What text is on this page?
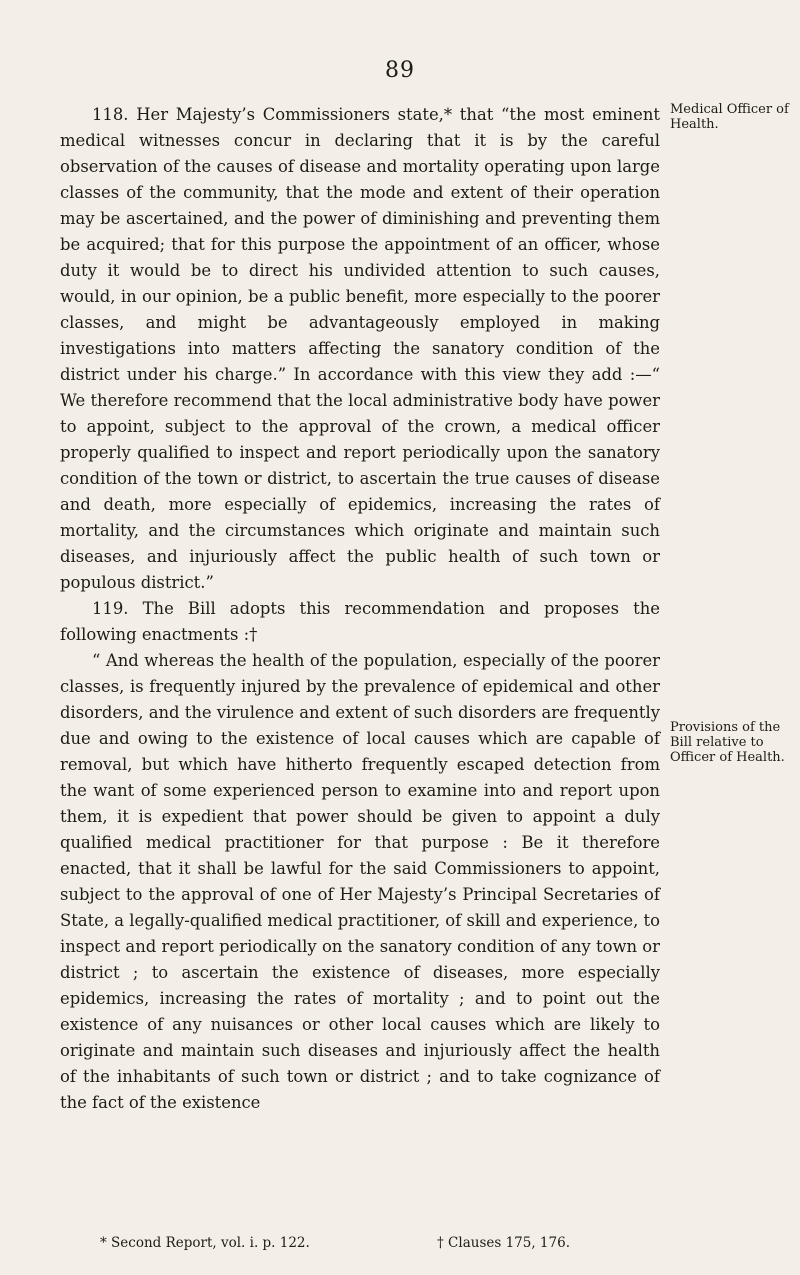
89

118. Her Majesty’s Commissioners state,* that “the most eminent medical witnesses concur in declaring that it is by the careful observation of the causes of disease and mortality operating upon large classes of the community, that the mode and extent of their operation may be ascertained, and the power of diminishing and preventing them be acquired; that for this purpose the appointment of an officer, whose duty it would be to direct his undivided attention to such causes, would, in our opinion, be a public benefit, more especially to the poorer classes, and might be advantageously employed in making investigations into matters affecting the sanatory condition of the district under his charge.” In accordance with this view they add :—“ We therefore recommend that the local administrative body have power to appoint, subject to the approval of the crown, a medical officer properly qualified to inspect and report periodically upon the sanatory condition of the town or district, to ascertain the true causes of disease and death, more especially of epidemics, increasing the rates of mortality, and the circumstances which originate and maintain such diseases, and injuriously affect the public health of such town or populous district.”

119. The Bill adopts this recommendation and proposes the following enactments :†

“ And whereas the health of the population, especially of the poorer classes, is frequently injured by the prevalence of epidemical and other disorders, and the virulence and extent of such disorders are frequently due and owing to the existence of local causes which are capable of removal, but which have hitherto frequently escaped detection from the want of some experienced person to examine into and report upon them, it is expedient that power should be given to appoint a duly qualified medical practitioner for that purpose : Be it therefore enacted, that it shall be lawful for the said Commissioners to appoint, subject to the approval of one of Her Majesty’s Principal Secretaries of State, a legally-qualified medical practitioner, of skill and experience, to inspect and report periodically on the sanatory condition of any town or district ; to ascertain the existence of diseases, more especially epidemics, increasing the rates of mortality ; and to point out the existence of any nuisances or other local causes which are likely to originate and maintain such diseases and injuriously affect the health of the inhabitants of such town or district ; and to take cognizance of the fact of the existence

Medical Officer of Health.
Provisions of the Bill relative to Officer of Health.
* Second Report, vol. i. p. 122.	† Clauses 175, 176.
